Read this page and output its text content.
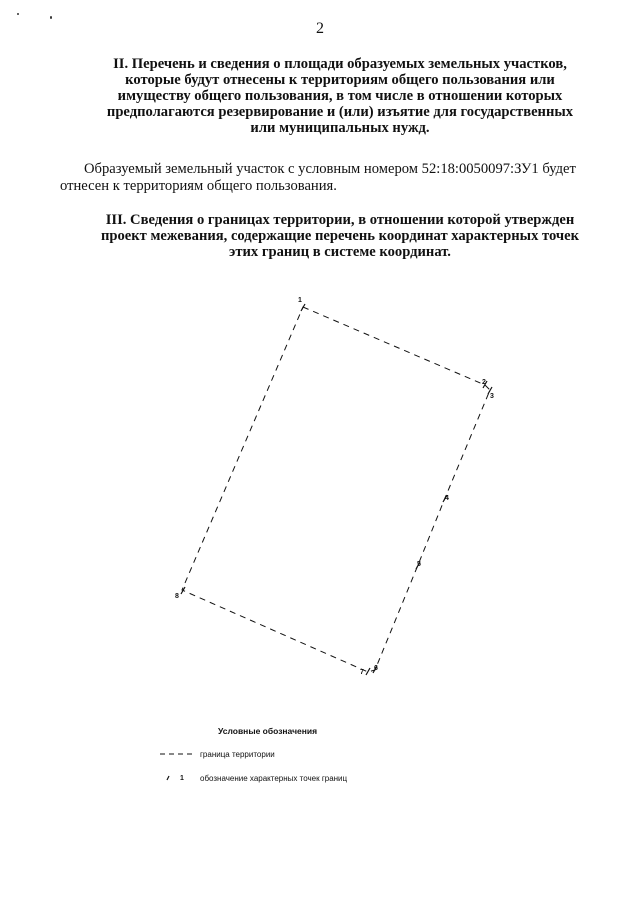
2
II. Перечень и сведения о площади образуемых земельных участков,
которые будут отнесены к территориям общего пользования или
имуществу общего пользования, в том числе в отношении которых
предполагаются резервирование и (или) изъятие для государственных
или муниципальных нужд.
Образуемый земельный участок с условным номером 52:18:0050097:ЗУ1 будет
отнесен к территориям общего пользования.
III. Сведения о границах территории, в отношении которой утвержден
проект межевания, содержащие перечень координат характерных точек
этих границ в системе координат.
1
2
3
4
5
6
7
8
Условные обозначения
граница территории
1	обозначение характерных точек границ
